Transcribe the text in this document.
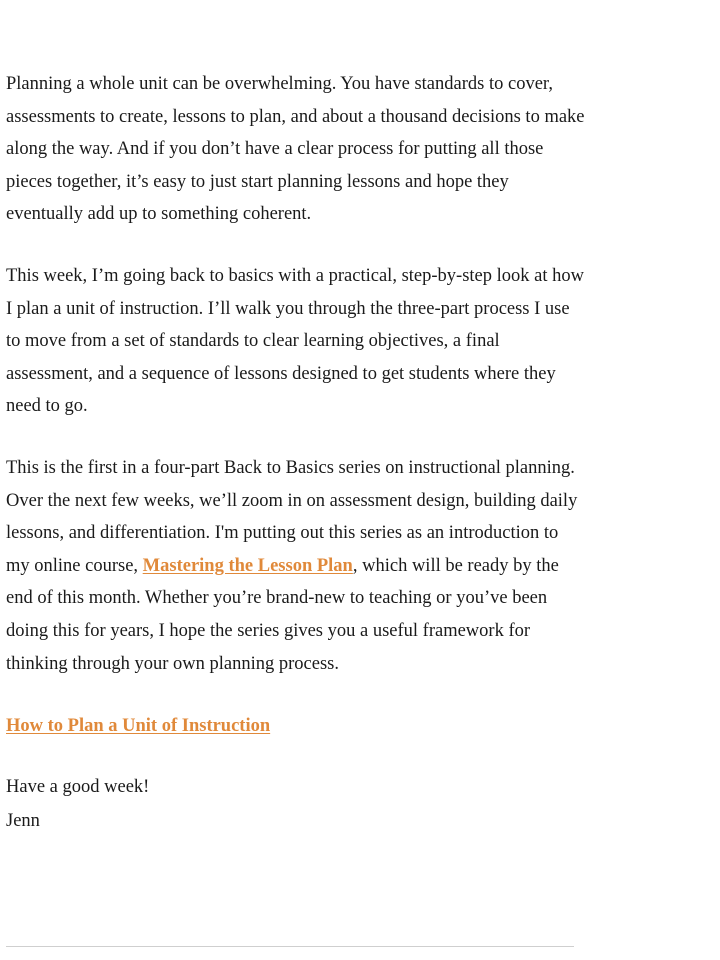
Planning a whole unit can be overwhelming. You have standards to cover, assessments to create, lessons to plan, and about a thousand decisions to make along the way. And if you don’t have a clear process for putting all those pieces together, it’s easy to just start planning lessons and hope they eventually add up to something coherent.

This week, I’m going back to basics with a practical, step-by-step look at how I plan a unit of instruction. I’ll walk you through the three-part process I use to move from a set of standards to clear learning objectives, a final assessment, and a sequence of lessons designed to get students where they need to go.

This is the first in a four-part Back to Basics series on instructional planning. Over the next few weeks, we’ll zoom in on assessment design, building daily lessons, and differentiation. I'm putting out this series as an introduction to my online course, Mastering the Lesson Plan, which will be ready by the end of this month. Whether you’re brand-new to teaching or you’ve been doing this for years, I hope the series gives you a useful framework for thinking through your own planning process.

How to Plan a Unit of Instruction
Have a good week!
Jenn
